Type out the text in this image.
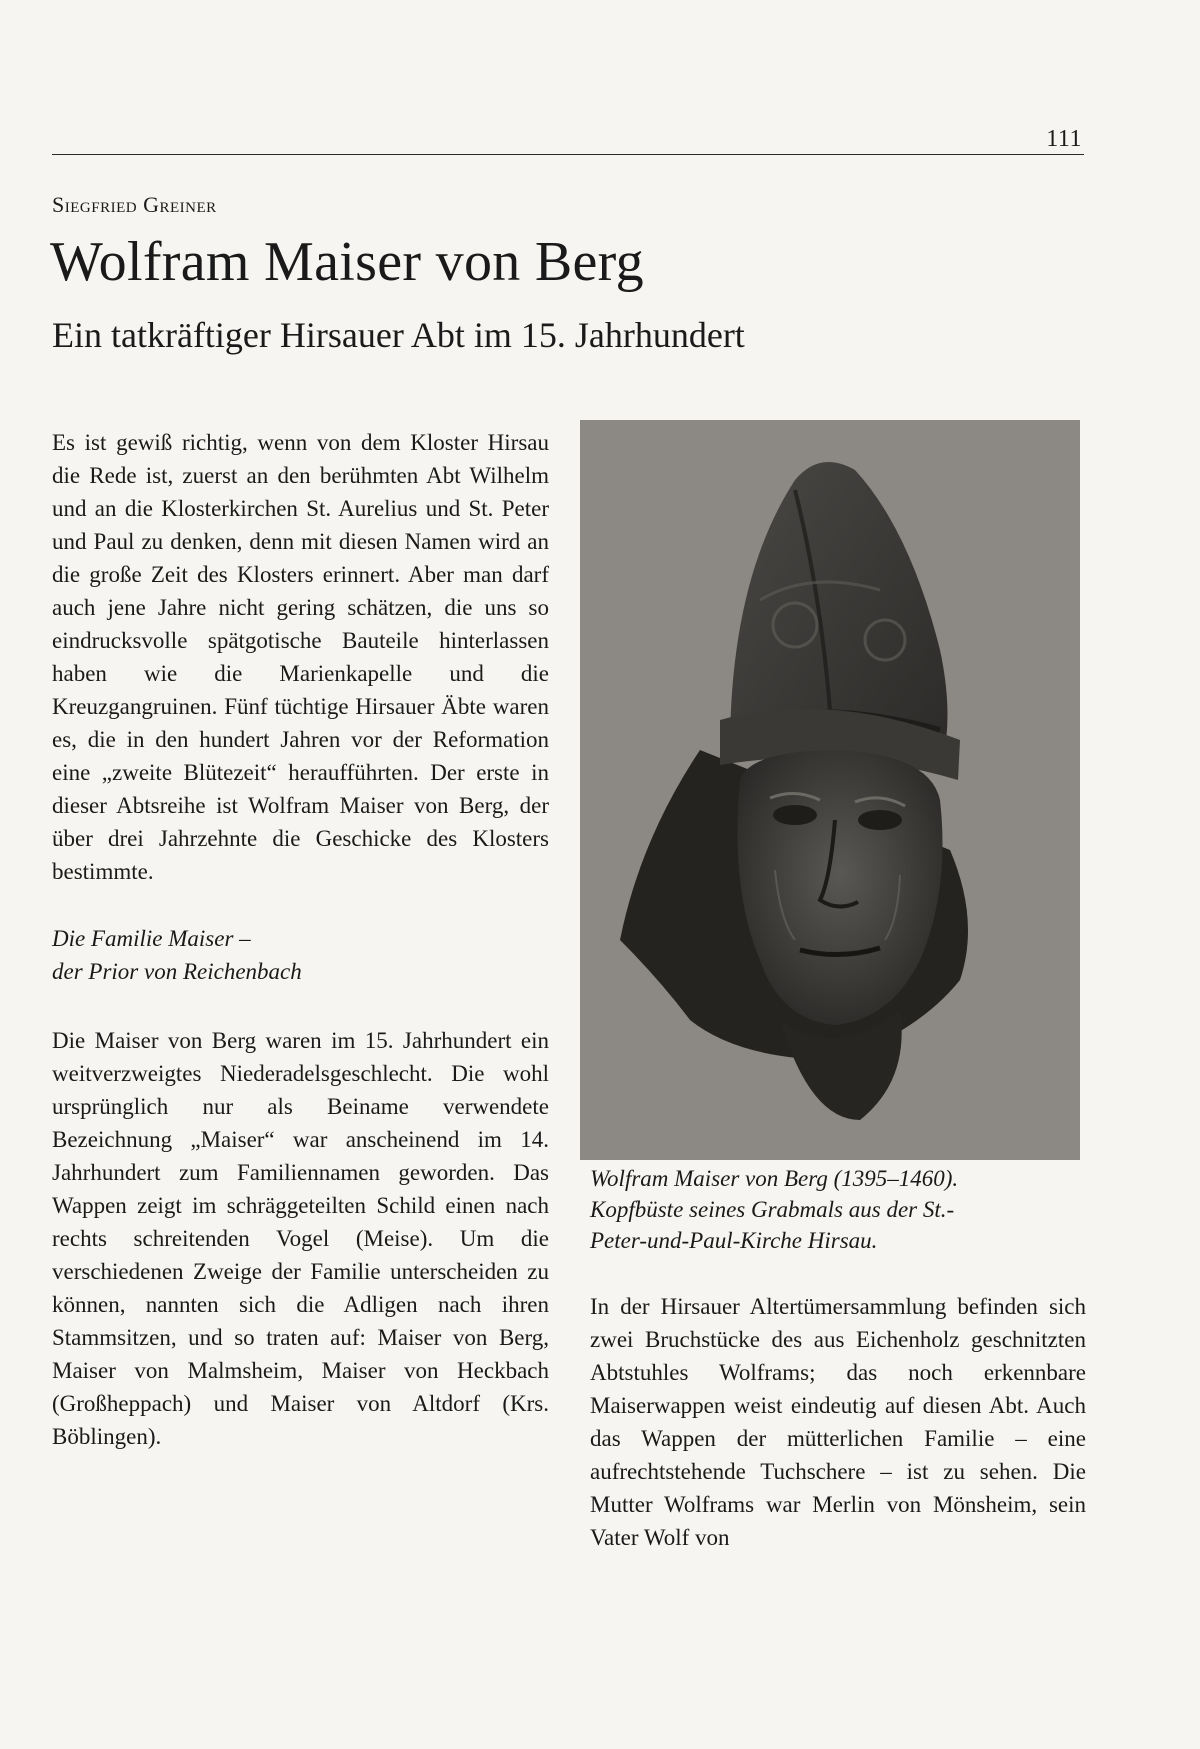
111
Siegfried Greiner
Wolfram Maiser von Berg
Ein tatkräftiger Hirsauer Abt im 15. Jahrhundert

Es ist gewiß richtig, wenn von dem Kloster Hirsau die Rede ist, zuerst an den berühmten Abt Wilhelm und an die Klosterkirchen St. Aurelius und St. Peter und Paul zu denken, denn mit diesen Namen wird an die große Zeit des Klosters erinnert. Aber man darf auch jene Jahre nicht gering schätzen, die uns so eindrucksvolle spätgotische Bauteile hinterlassen haben wie die Marienkapelle und die Kreuzgangruinen. Fünf tüchtige Hirsauer Äbte waren es, die in den hundert Jahren vor der Reformation eine „zweite Blütezeit“ heraufführten. Der erste in dieser Abtsreihe ist Wolfram Maiser von Berg, der über drei Jahrzehnte die Geschicke des Klosters bestimmte.

Die Familie Maiser –
der Prior von Reichenbach

Die Maiser von Berg waren im 15. Jahrhundert ein weitverzweigtes Niederadelsgeschlecht. Die wohl ursprünglich nur als Beiname verwendete Bezeichnung „Maiser“ war anscheinend im 14. Jahrhundert zum Familiennamen geworden. Das Wappen zeigt im schräggeteilten Schild einen nach rechts schreitenden Vogel (Meise). Um die verschiedenen Zweige der Familie unterscheiden zu können, nannten sich die Adligen nach ihren Stammsitzen, und so traten auf: Maiser von Berg, Maiser von Malmsheim, Maiser von Heckbach (Großheppach) und Maiser von Altdorf (Krs. Böblingen).

Wolfram Maiser von Berg (1395–1460).
Kopfbüste seines Grabmals aus der St.-
Peter-und-Paul-Kirche Hirsau.

In der Hirsauer Altertümersammlung befinden sich zwei Bruchstücke des aus Eichenholz geschnitzten Abtstuhles Wolframs; das noch erkennbare Maiserwappen weist eindeutig auf diesen Abt. Auch das Wappen der mütterlichen Familie – eine aufrechtstehende Tuchschere – ist zu sehen. Die Mutter Wolframs war Merlin von Mönsheim, sein Vater Wolf von
